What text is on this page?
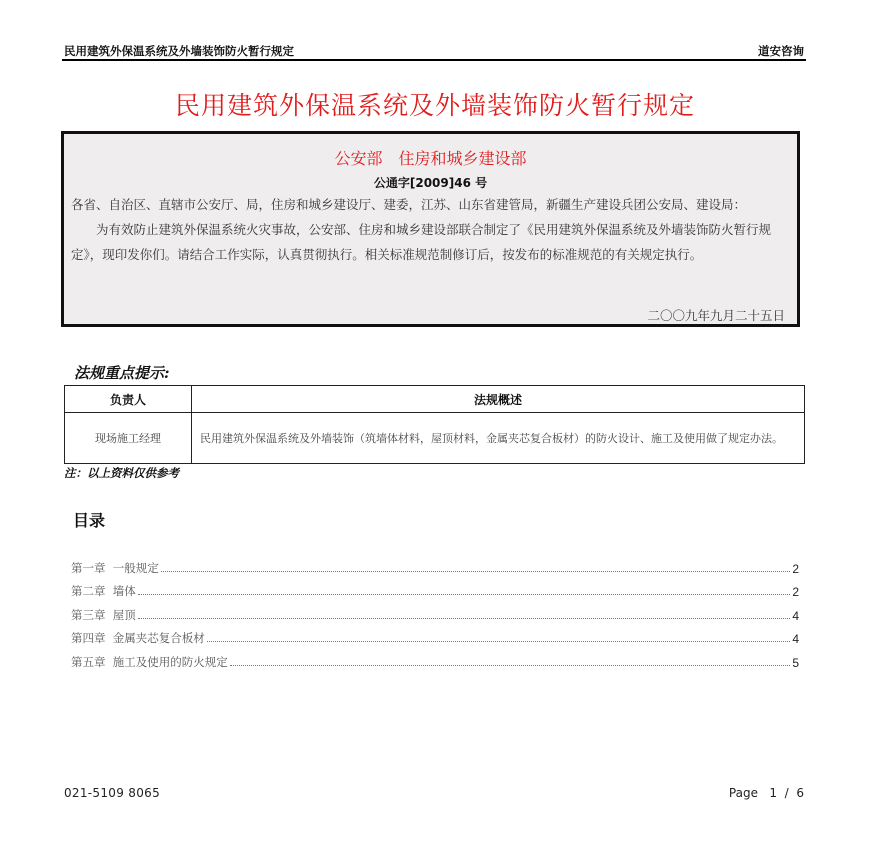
民用建筑外保温系统及外墙装饰防火暂行规定	道安咨询
民用建筑外保温系统及外墙装饰防火暂行规定
公安部　住房和城乡建设部
公通字[2009]46 号

各省、自治区、直辖市公安厅、局，住房和城乡建设厅、建委，江苏、山东省建管局，新疆生产建设兵团公安局、建设局：

为有效防止建筑外保温系统火灾事故，公安部、住房和城乡建设部联合制定了《民用建筑外保温系统及外墙装饰防火暂行规定》，现印发你们。请结合工作实际，认真贯彻执行。相关标准规范制修订后，按发布的标准规范的有关规定执行。

二〇〇九年九月二十五日
法规重点提示:
负责人	法规概述
现场施工经理	民用建筑外保温系统及外墙装饰（筑墙体材料，屋顶材料，金属夹芯复合板材）的防火设计、施工及使用做了规定办法。
注：以上资料仅供参考
目录
第一章  一般规定	2
第二章  墙体	2
第三章  屋顶	4
第四章  金属夹芯复合板材	4
第五章  施工及使用的防火规定	5
021-5109 8065	Page   1  /  6
